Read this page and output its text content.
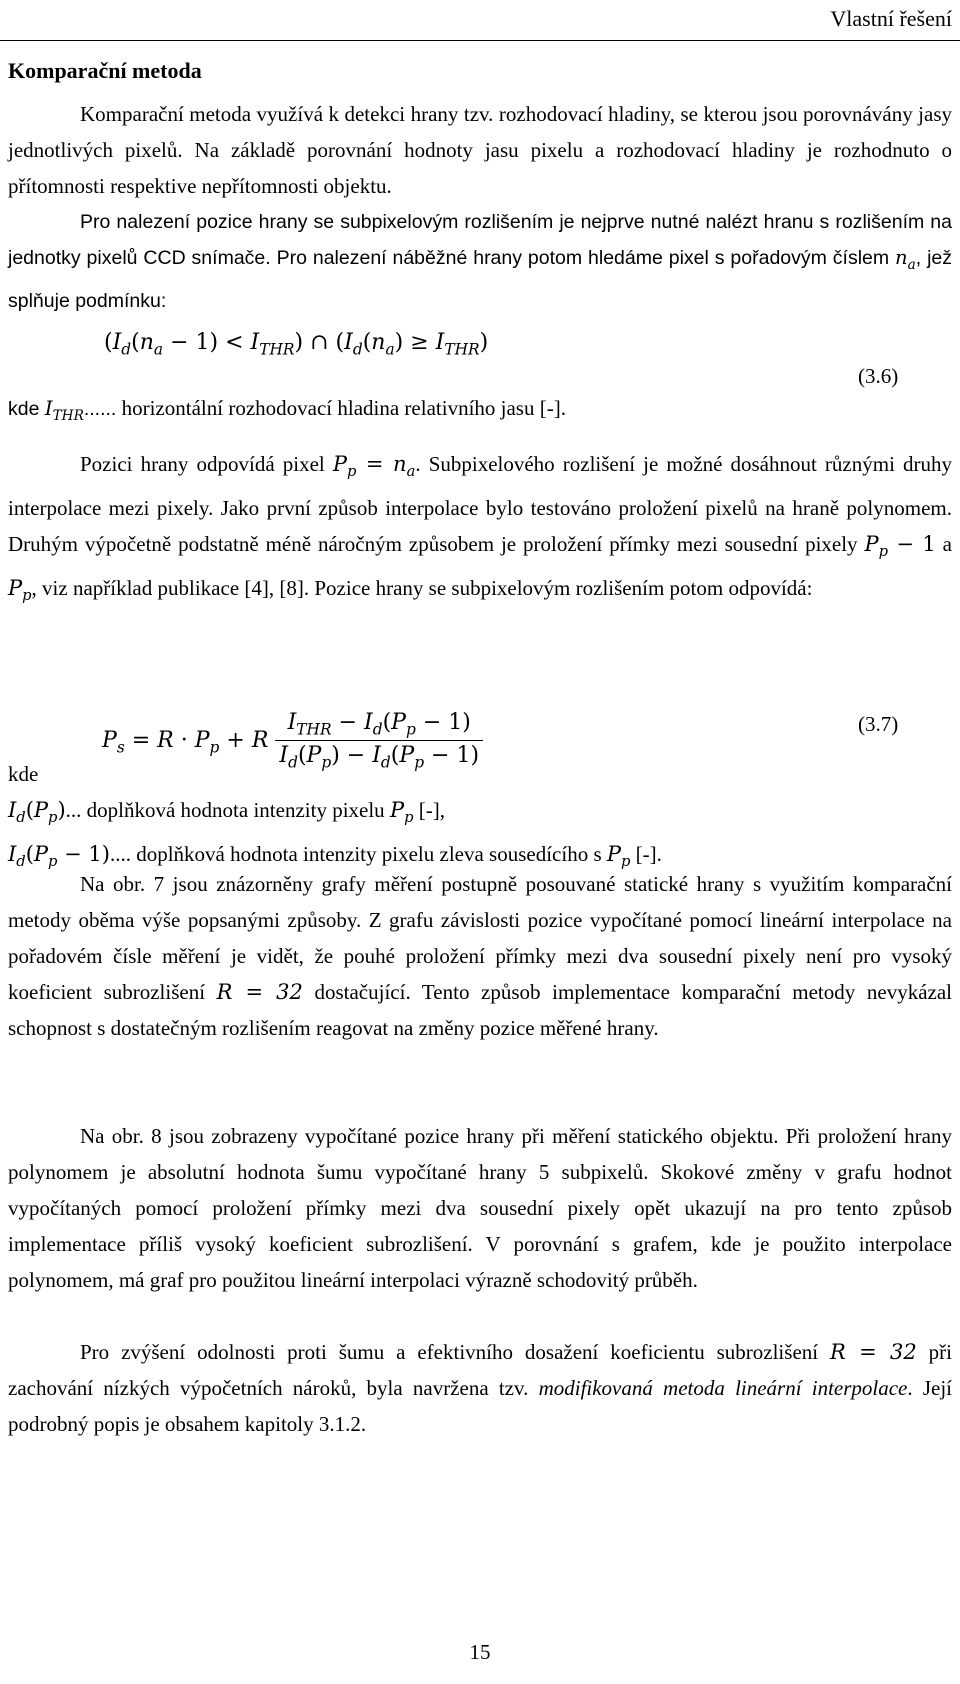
Vlastní řešení
Komparační metoda
Komparační metoda využívá k detekci hrany tzv. rozhodovací hladiny, se kterou jsou porovnávány jasy jednotlivých pixelů. Na základě porovnání hodnoty jasu pixelu a rozhodovací hladiny je rozhodnuto o přítomnosti respektive nepřítomnosti objektu.
Pro nalezení pozice hrany se subpixelovým rozlišením je nejprve nutné nalézt hranu s rozlišením na jednotky pixelů CCD snímače. Pro nalezení náběžné hrany potom hledáme pixel s pořadovým číslem $n_a$, jež splňuje podmínku:
$(I_d(n_a - 1) < I_{THR})$ ∩ $(I_d(n_a) \ge I_{THR})$
(3.6)
kde $I_{THR}$...... horizontální rozhodovací hladina relativního jasu [-].
Pozici hrany odpovídá pixel $P_p = n_a$. Subpixelového rozlišení je možné dosáhnout různými druhy interpolace mezi pixely. Jako první způsob interpolace bylo testováno proložení pixelů na hraně polynomem. Druhým výpočetně podstatně méně náročným způsobem je proložení přímky mezi sousední pixely $P_p - 1$ a $P_p$, viz například publikace [4], [8]. Pozice hrany se subpixelovým rozlišením potom odpovídá:
$P_s = R \cdot P_p + R \frac{I_{THR} - I_d(P_p - 1)}{I_d(P_p) - I_d(P_p - 1)}$	(3.7)
kde
$I_d(P_p)$... doplňková hodnota intenzity pixelu $P_p$ [-],
$I_d(P_p - 1)$.... doplňková hodnota intenzity pixelu zleva sousedícího s $P_p$ [-].
Na obr. 7 jsou znázorněny grafy měření postupně posouvané statické hrany s využitím komparační metody oběma výše popsanými způsoby. Z grafu závislosti pozice vypočítané pomocí lineární interpolace na pořadovém čísle měření je vidět, že pouhé proložení přímky mezi dva sousední pixely není pro vysoký koeficient subrozlišení R = 32 dostačující. Tento způsob implementace komparační metody nevykázal schopnost s dostatečným rozlišením reagovat na změny pozice měřené hrany.
Na obr. 8 jsou zobrazeny vypočítané pozice hrany při měření statického objektu. Při proložení hrany polynomem je absolutní hodnota šumu vypočítané hrany 5 subpixelů. Skokové změny v grafu hodnot vypočítaných pomocí proložení přímky mezi dva sousední pixely opět ukazují na pro tento způsob implementace příliš vysoký koeficient subrozlišení. V porovnání s grafem, kde je použito interpolace polynomem, má graf pro použitou lineární interpolaci výrazně schodovitý průběh.
Pro zvýšení odolnosti proti šumu a efektivního dosažení koeficientu subrozlišení R = 32 při zachování nízkých výpočetních nároků, byla navržena tzv. modifikovaná metoda lineární interpolace. Její podrobný popis je obsahem kapitoly 3.1.2.
15
